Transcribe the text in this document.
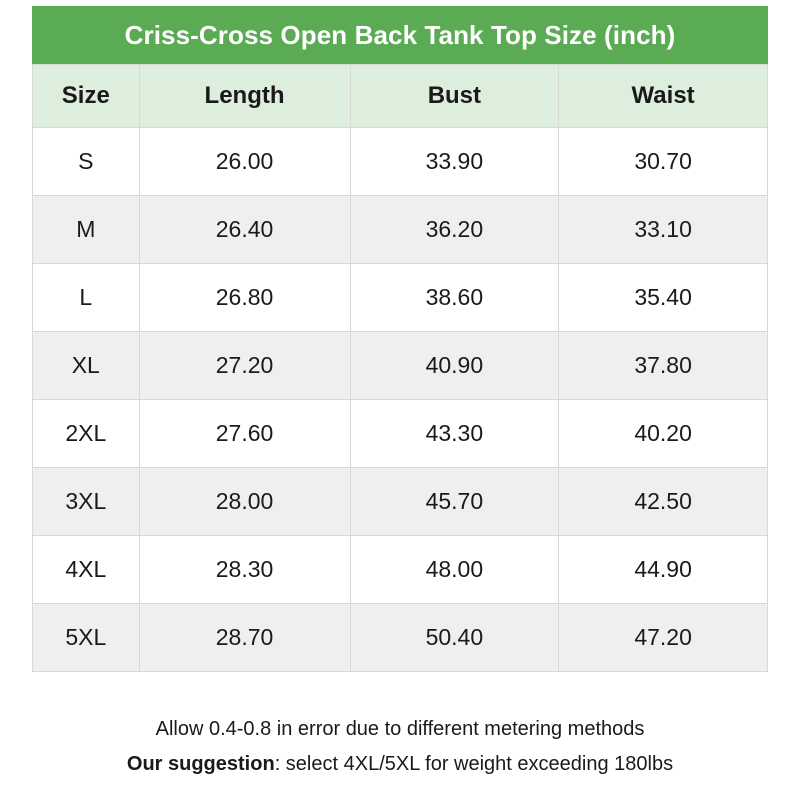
Criss-Cross Open Back Tank Top Size (inch)
Size	Length	Bust	Waist
S	26.00	33.90	30.70
M	26.40	36.20	33.10
L	26.80	38.60	35.40
XL	27.20	40.90	37.80
2XL	27.60	43.30	40.20
3XL	28.00	45.70	42.50
4XL	28.30	48.00	44.90
5XL	28.70	50.40	47.20
Allow 0.4-0.8 in error due to different metering methods
Our suggestion: select 4XL/5XL for weight exceeding 180lbs
